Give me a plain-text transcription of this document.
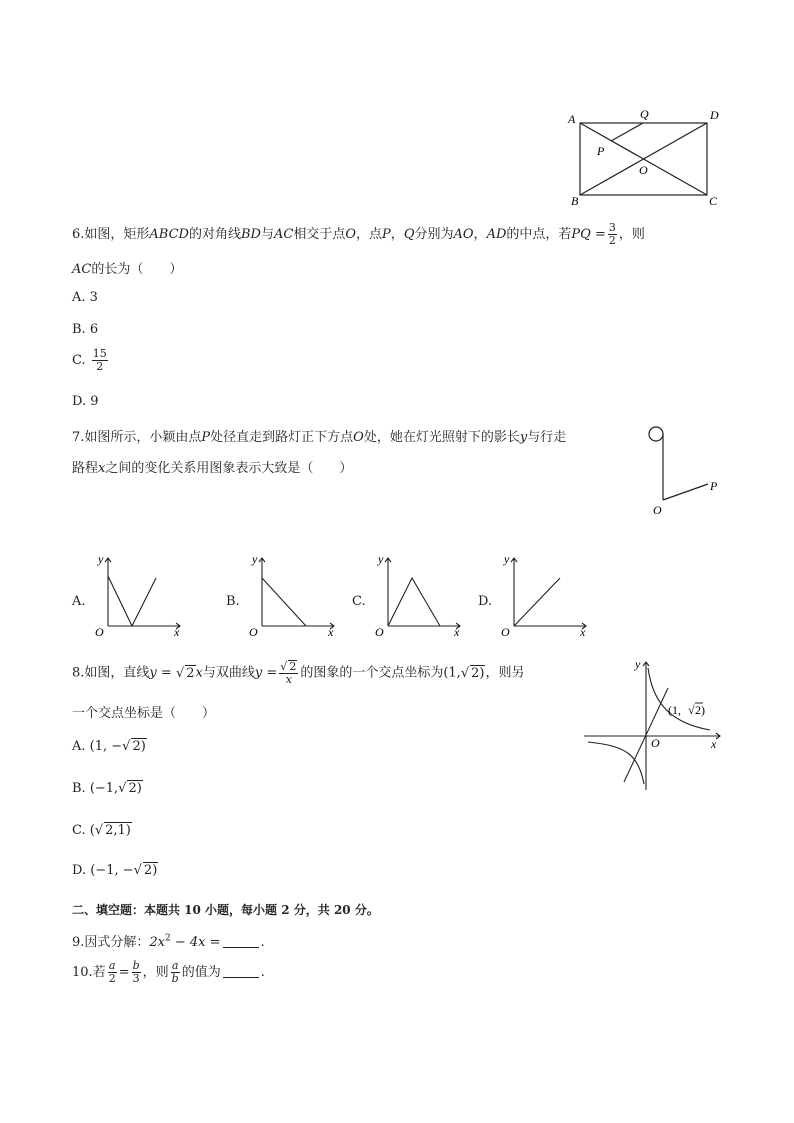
A	Q	D
P
O
B	C
6.如图，矩形ABCD的对角线BD与AC相交于点O，点P，Q分别为AO，AD的中点，若PQ = $\frac{3}{2}$ ，则
AC的长为（　　）
A. 3
B. 6
C. $\frac{15}{2}$
D. 9
7.如图所示，小颖由点P处径直走到路灯正下方点O处，她在灯光照射下的影长y与行走
路程x之间的变化关系用图象表示大致是（　　）
O
P
A.
y
O	x
B.
y
O	x
C.
y
O	x
D.
y
O	x
8.如图，直线y = √ 2x与双曲线y = √ $\frac{2}{x}$ 的图象的一个交点坐标为(1, √ 2)，则另
一个交点坐标是（　　）
A. (1, − √ 2)
B. (−1, √ 2)
C. ( √ 2,1)
D. (−1, − √ 2)
y
x
O
(1, √ 2)
二、填空题：本题共 10 小题，每小题 2 分，共 20 分。
9.因式分解：$2x^2 - 4x$ =	.
10.若 $\frac{a}{2} = \frac{b}{3}$ ，则 $\frac{a}{b}$ 的值为	.
